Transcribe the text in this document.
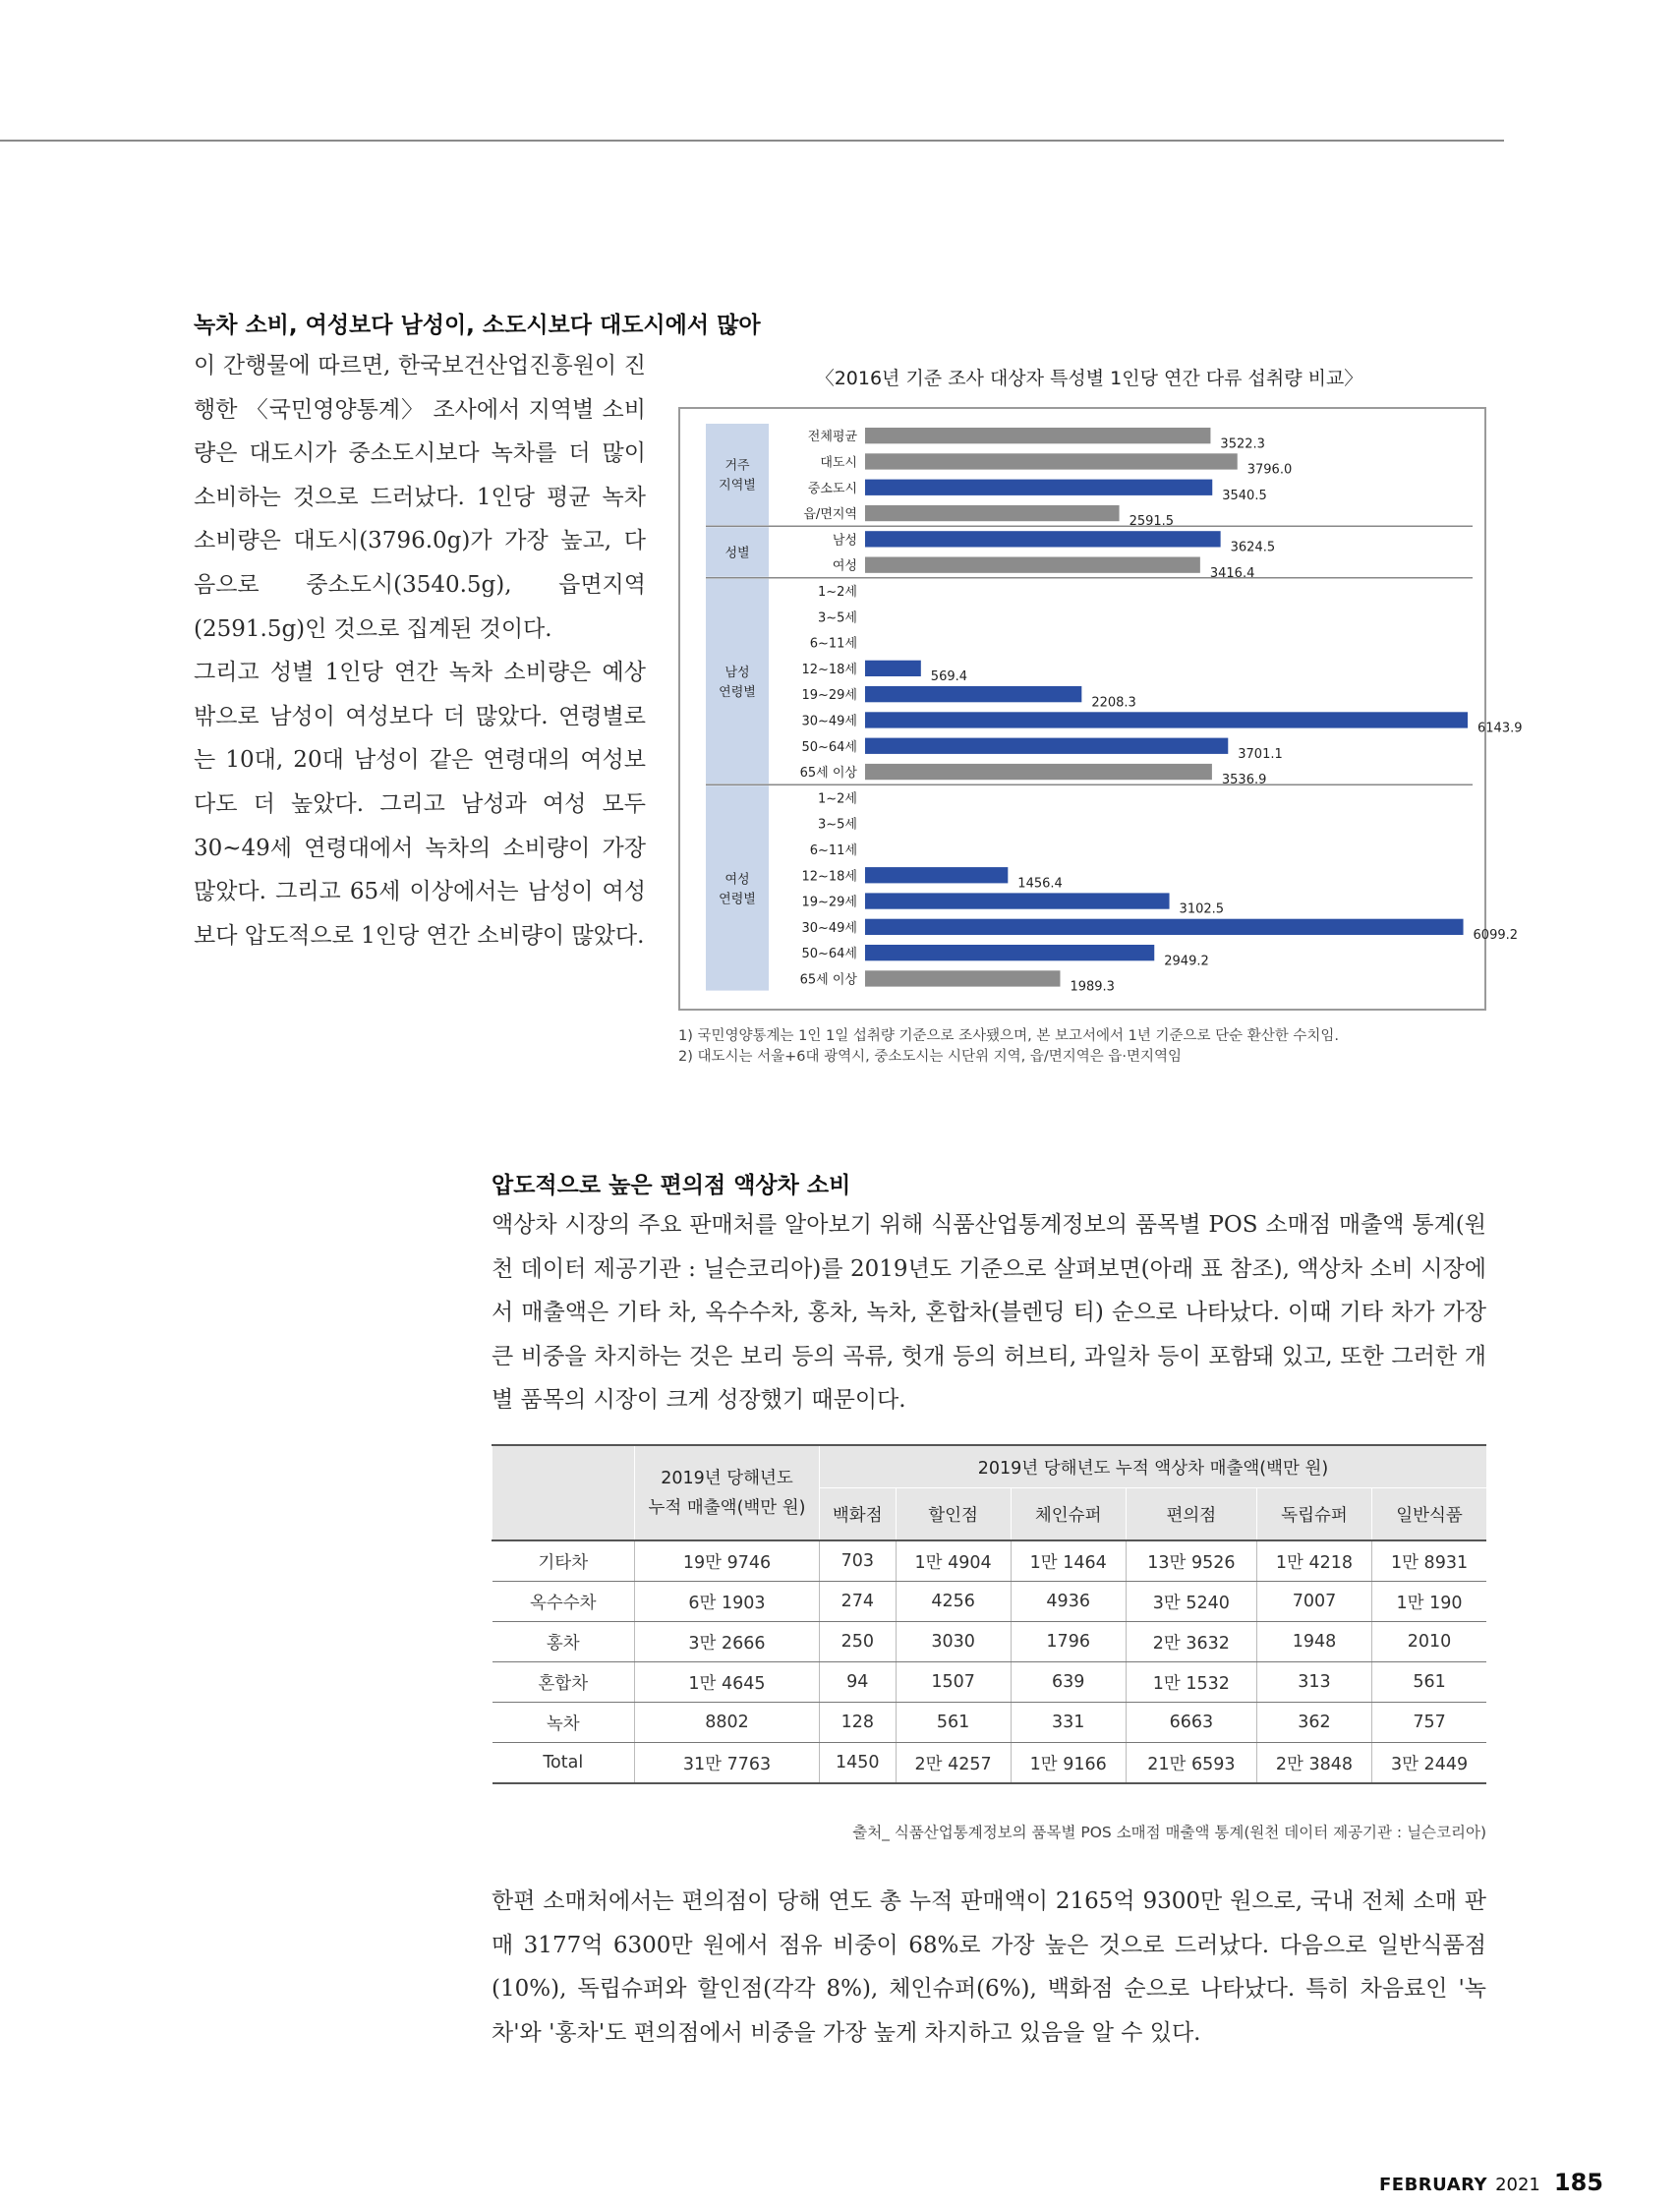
녹차 소비, 여성보다 남성이, 소도시보다 대도시에서 많아

이 간행물에 따르면, 한국보건산업진흥원이 진행한 〈국민영양통계〉 조사에서 지역별 소비량은 대도시가 중소도시보다 녹차를 더 많이 소비하는 것으로 드러났다. 1인당 평균 녹차 소비량은 대도시(3796.0g)가 가장 높고, 다음으로 중소도시(3540.5g), 읍면지역(2591.5g)인 것으로 집계된 것이다.

그리고 성별 1인당 연간 녹차 소비량은 예상 밖으로 남성이 여성보다 더 많았다. 연령별로는 10대, 20대 남성이 같은 연령대의 여성보다도 더 높았다. 그리고 남성과 여성 모두 30~49세 연령대에서 녹차의 소비량이 가장 많았다. 그리고 65세 이상에서는 남성이 여성보다 압도적으로 1인당 연간 소비량이 많았다.

〈2016년 기준 조사 대상자 특성별 1인당 연간 다류 섭취량 비교〉
거주
지역별
전체평균	3522.3
대도시	3796.0
중소도시	3540.5
읍/면지역	2591.5
성별
남성	3624.5
여성	3416.4
남성
연령별
1~2세
3~5세
6~11세
12~18세	569.4
19~29세	2208.3
30~49세	6143.9
50~64세	3701.1
65세 이상	3536.9
여성
연령별
1~2세
3~5세
6~11세
12~18세	1456.4
19~29세	3102.5
30~49세	6099.2
50~64세	2949.2
65세 이상	1989.3
1) 국민영양통계는 1인 1일 섭취량 기준으로 조사됐으며, 본 보고서에서 1년 기준으로 단순 환산한 수치임.
2) 대도시는 서울+6대 광역시, 중소도시는 시단위 지역, 읍/면지역은 읍·면지역임
압도적으로 높은 편의점 액상차 소비
액상차 시장의 주요 판매처를 알아보기 위해 식품산업통계정보의 품목별 POS 소매점 매출액 통계(원천 데이터 제공기관 : 닐슨코리아)를 2019년도 기준으로 살펴보면(아래 표 참조), 액상차 소비 시장에서 매출액은 기타 차, 옥수수차, 홍차, 녹차, 혼합차(블렌딩 티) 순으로 나타났다. 이때 기타 차가 가장 큰 비중을 차지하는 것은 보리 등의 곡류, 헛개 등의 허브티, 과일차 등이 포함돼 있고, 또한 그러한 개별 품목의 시장이 크게 성장했기 때문이다.

	2019년 당해년도
누적 매출액(백만 원)	2019년 당해년도 누적 액상차 매출액(백만 원)					
		백화점	할인점	체인슈퍼	편의점	독립슈퍼	일반식품
기타차	19만 9746	703	1만 4904	1만 1464	13만 9526	1만 4218	1만 8931
옥수수차	6만 1903	274	4256	4936	3만 5240	7007	1만 190
홍차	3만 2666	250	3030	1796	2만 3632	1948	2010
혼합차	1만 4645	94	1507	639	1만 1532	313	561
녹차	8802	128	561	331	6663	362	757
Total	31만 7763	1450	2만 4257	1만 9166	21만 6593	2만 3848	3만 2449
출처_ 식품산업통계정보의 품목별 POS 소매점 매출액 통계(원천 데이터 제공기관 : 닐슨코리아)
한편 소매처에서는 편의점이 당해 연도 총 누적 판매액이 2165억 9300만 원으로, 국내 전체 소매 판매 3177억 6300만 원에서 점유 비중이 68%로 가장 높은 것으로 드러났다. 다음으로 일반식품점(10%), 독립슈퍼와 할인점(각각 8%), 체인슈퍼(6%), 백화점 순으로 나타났다. 특히 차음료인 '녹차'와 '홍차'도 편의점에서 비중을 가장 높게 차지하고 있음을 알 수 있다.
FEBRUARY 2021 185
